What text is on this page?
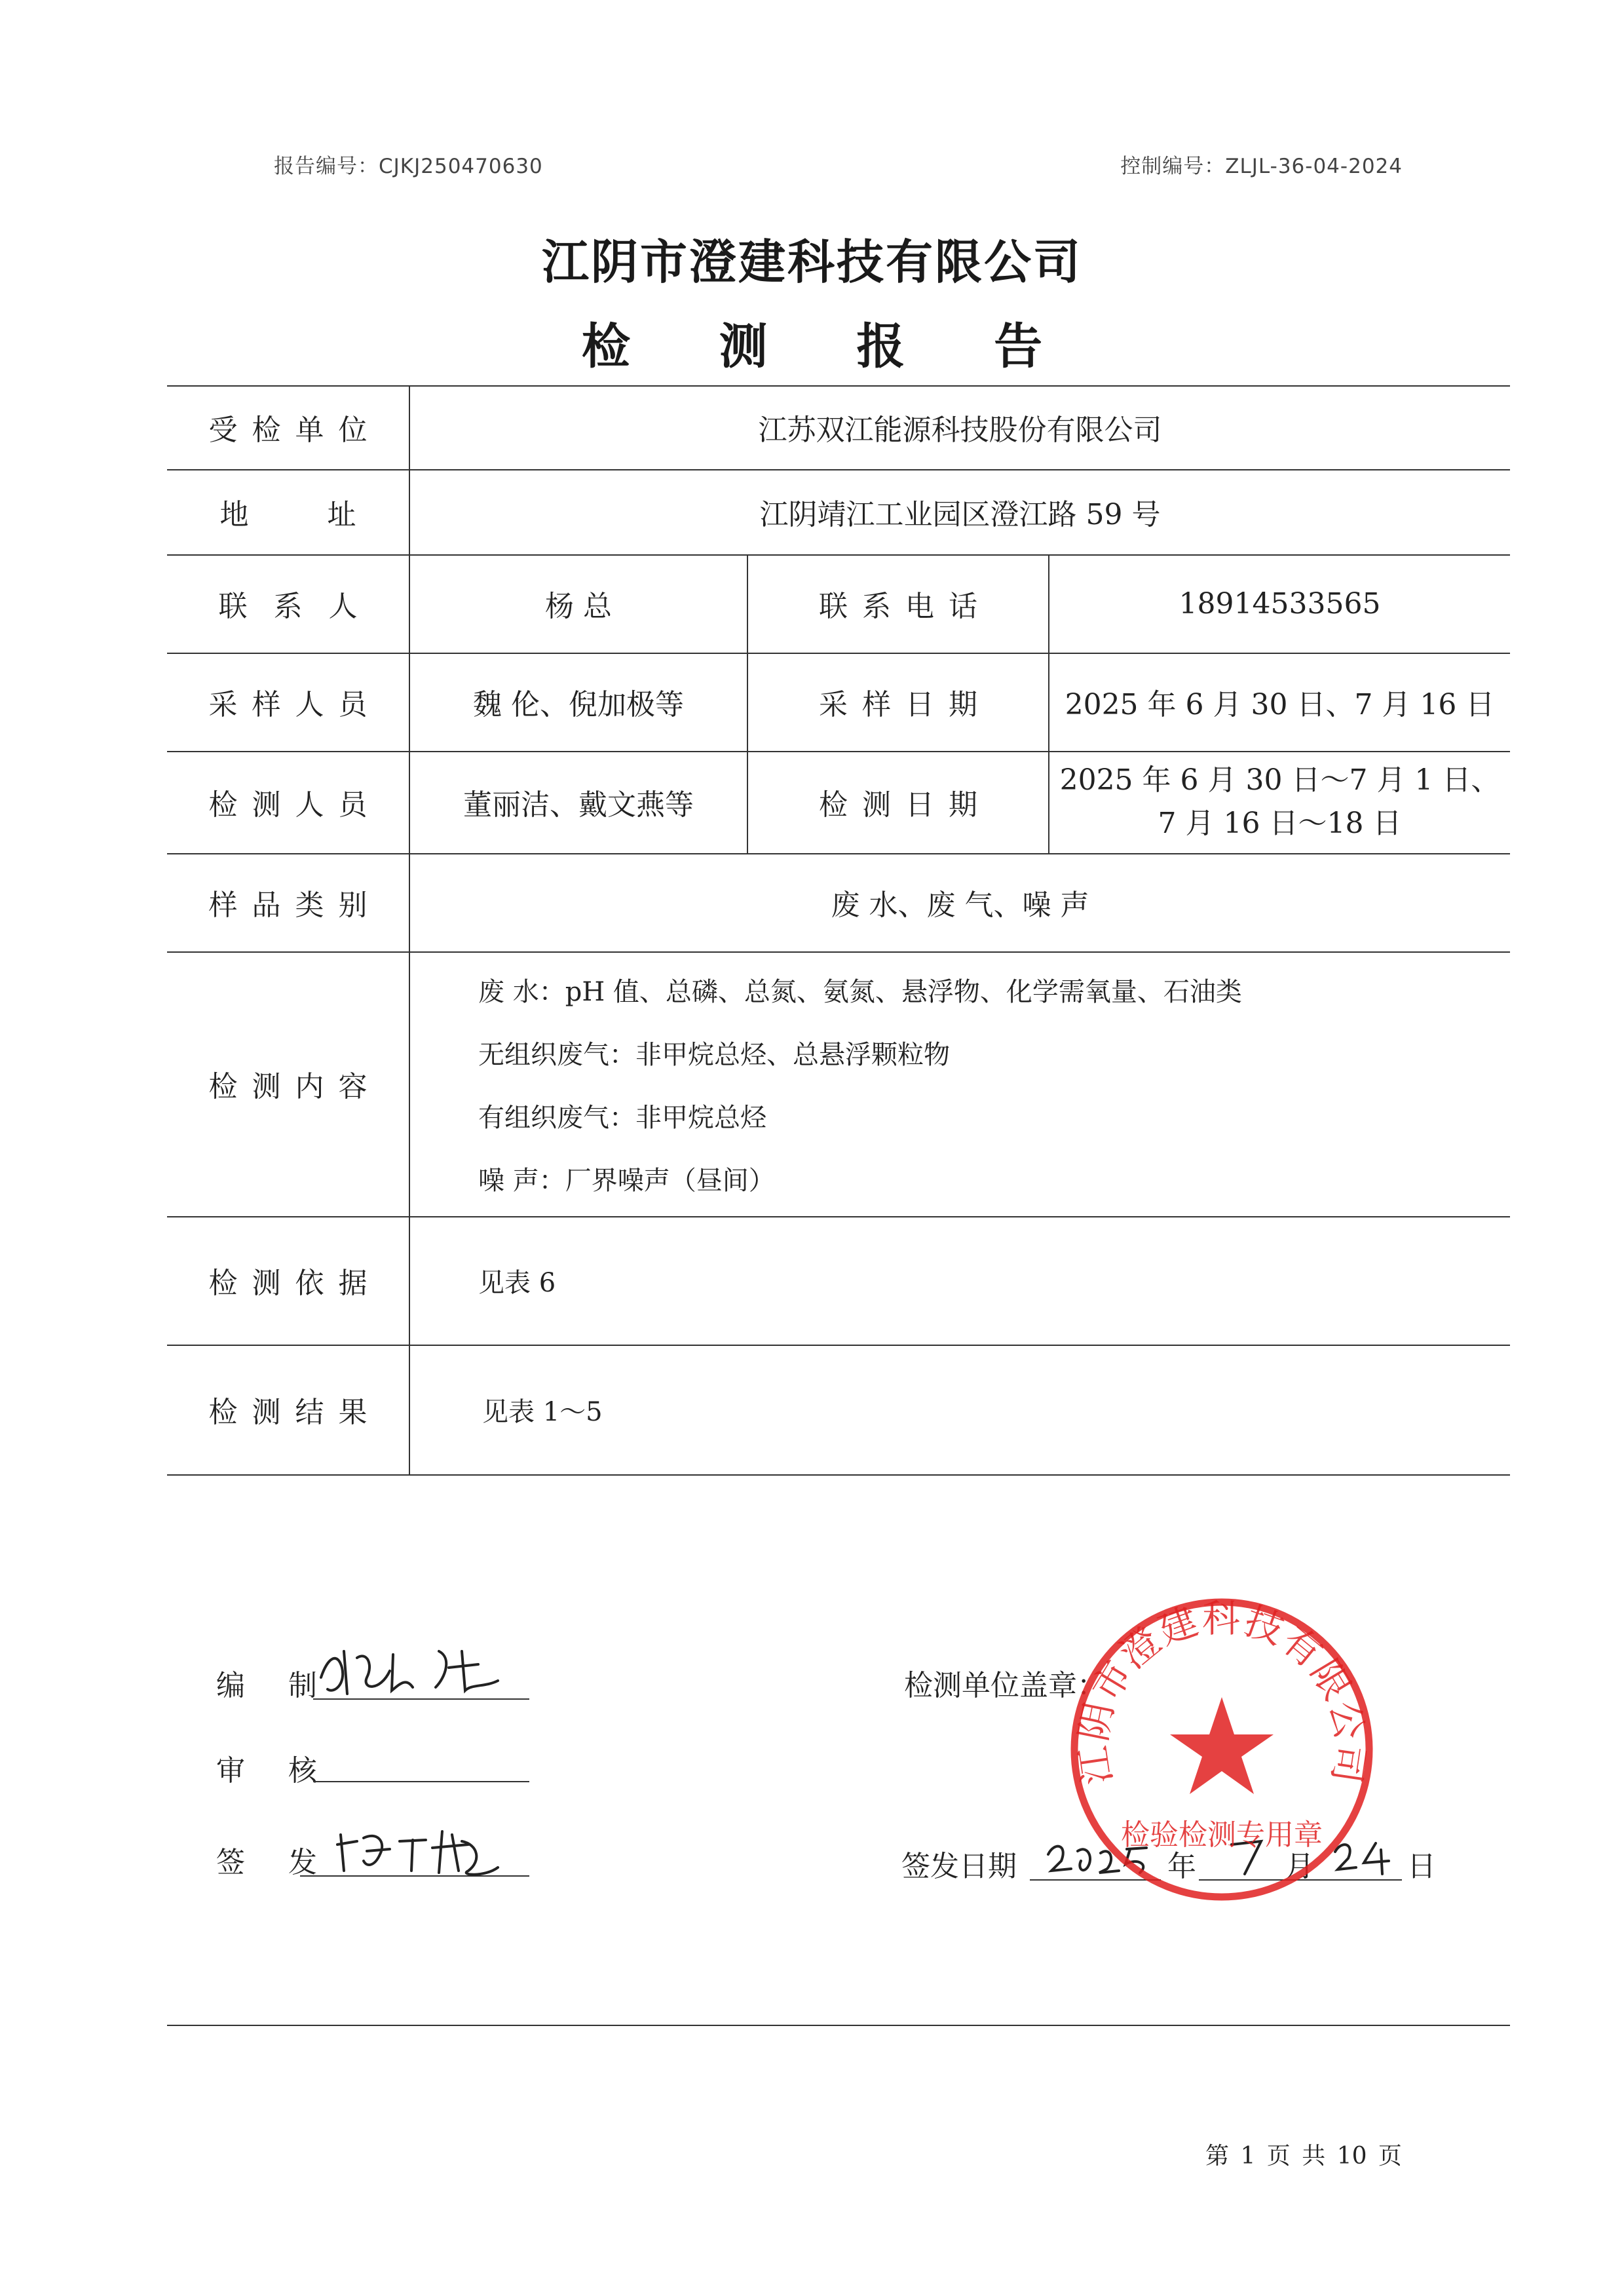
报告编号：CJKJ250470630	控制编号：ZLJL-36-04-2024
江阴市澄建科技有限公司
检 测 报 告
受检单位	江苏双江能源科技股份有限公司
地址	江阴靖江工业园区澄江路 59 号
联系人	杨 总	联系电话	18914533565
采样人员	魏 伦、倪加极等	采样日期	2025 年 6 月 30 日、7 月 16 日
检测人员	董丽洁、戴文燕等	检测日期
2025 年 6 月 30 日～7 月 1 日、
7 月 16 日～18 日
样品类别	废 水、废 气、噪 声
检测内容
废 水：pH 值、总磷、总氮、氨氮、悬浮物、化学需氧量、石油类
无组织废气：非甲烷总烃、总悬浮颗粒物
有组织废气：非甲烷总烃
噪 声：厂界噪声（昼间）
检测依据	见表 6
检测结果	见表 1～5
编 制
审 核
签 发
检测单位盖章：
签发日期	年	月	日
江阴市澄建科技有限公司
检验检测专用章
第 1 页 共 10 页
